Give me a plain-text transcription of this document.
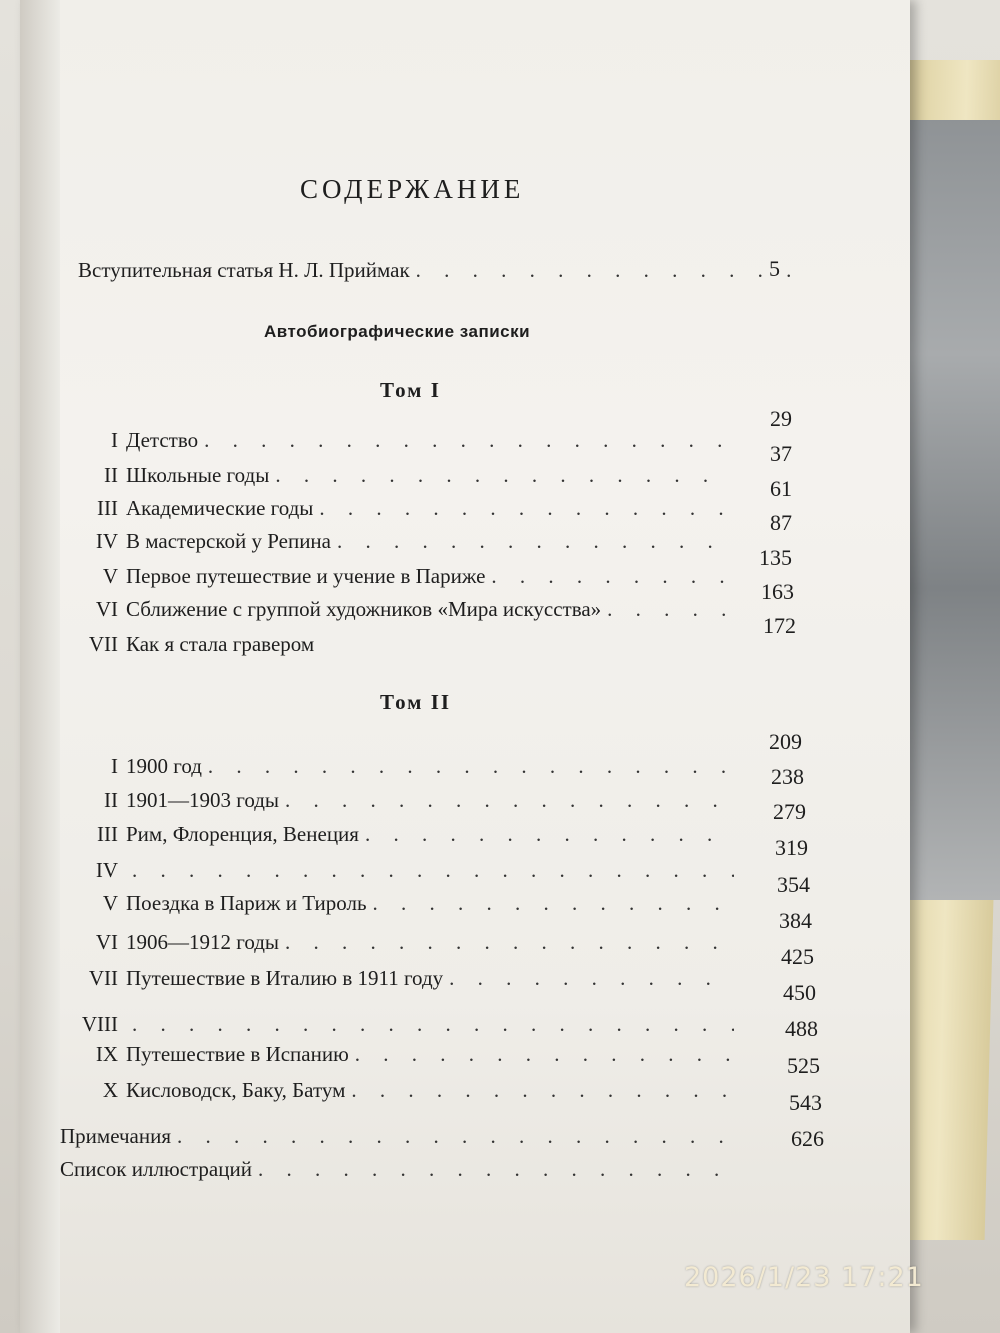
СОДЕРЖАНИЕ
Вступительная статья Н. Л. Приймак
. . .	5
Автобиографические записки
Том I
I Детство
. . .
II Школьные годы
. . .
III Академические годы
. . .
IV В мастерской у Репина
. . .
V Первое путешествие и учение в Париже
. . .
VI Сближение с группой художников «Мира искусства»
. . .
VII Как я стала гравером
29
37
61
87
135
163
172
Том II
I 1900 год
. . .
II 1901—1903 годы
. . .
III Рим, Флоренция, Венеция
. . .
IV
. . .
V Поездка в Париж и Тироль
. . .
VI 1906—1912 годы
. . .
VII Путешествие в Италию в 1911 году
. . .
VIII
. . .
IX Путешествие в Испанию
. . .
X Кисловодск, Баку, Батум
. . .
Примечания
. . .
Список иллюстраций
. . .
209
238
279
319
354
384
425
450
488
525
543
626
2026/1/23 17:21
